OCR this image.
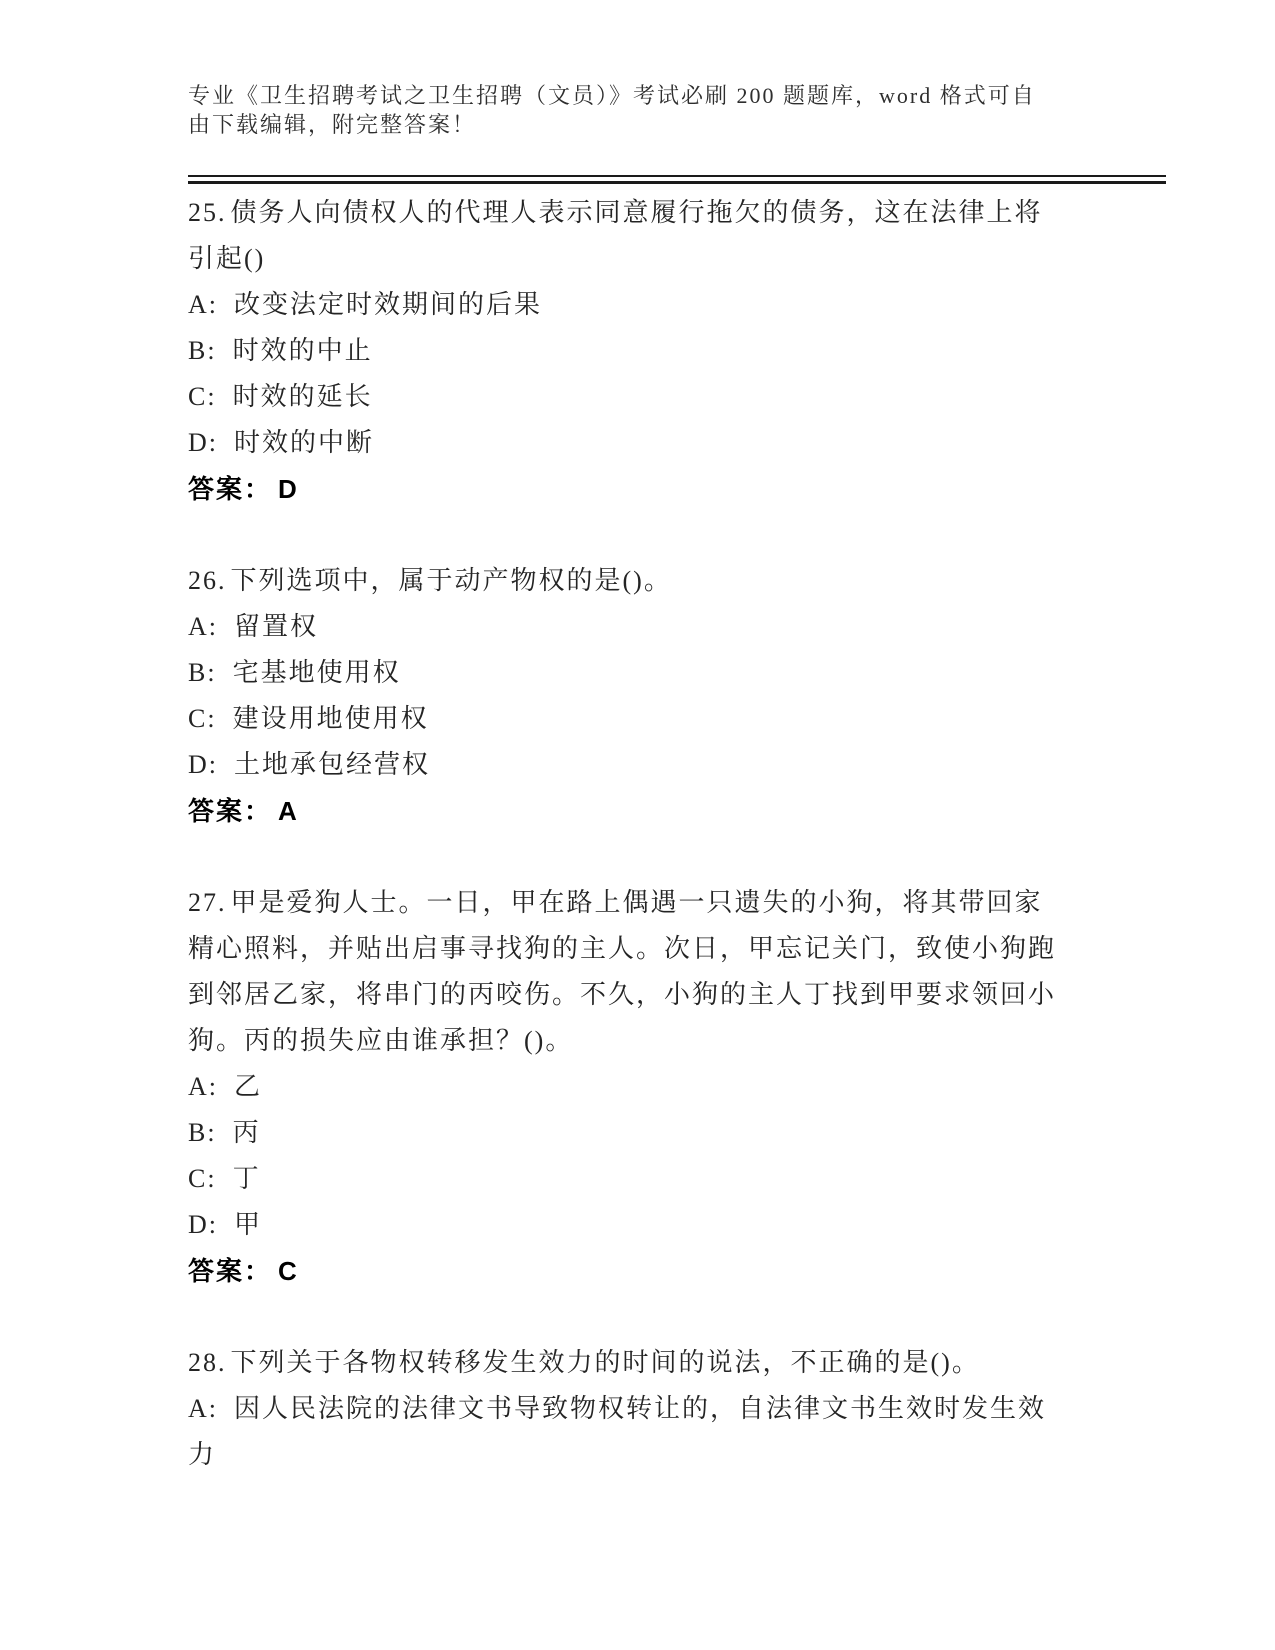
专业《卫生招聘考试之卫生招聘（文员）》考试必刷 200 题题库，word 格式可自
由下载编辑，附完整答案！

25. 债务人向债权人的代理人表示同意履行拖欠的债务，这在法律上将引起()

A: 改变法定时效期间的后果

B: 时效的中止

C: 时效的延长

D: 时效的中断

答案： D

26. 下列选项中，属于动产物权的是()。

A: 留置权

B: 宅基地使用权

C: 建设用地使用权

D: 土地承包经营权

答案： A

27. 甲是爱狗人士。一日，甲在路上偶遇一只遗失的小狗，将其带回家精心照料，并贴出启事寻找狗的主人。次日，甲忘记关门，致使小狗跑到邻居乙家，将串门的丙咬伤。不久，小狗的主人丁找到甲要求领回小狗。丙的损失应由谁承担？()。

A: 乙

B: 丙

C: 丁

D: 甲

答案： C

28. 下列关于各物权转移发生效力的时间的说法，不正确的是()。

A: 因人民法院的法律文书导致物权转让的，自法律文书生效时发生效力
